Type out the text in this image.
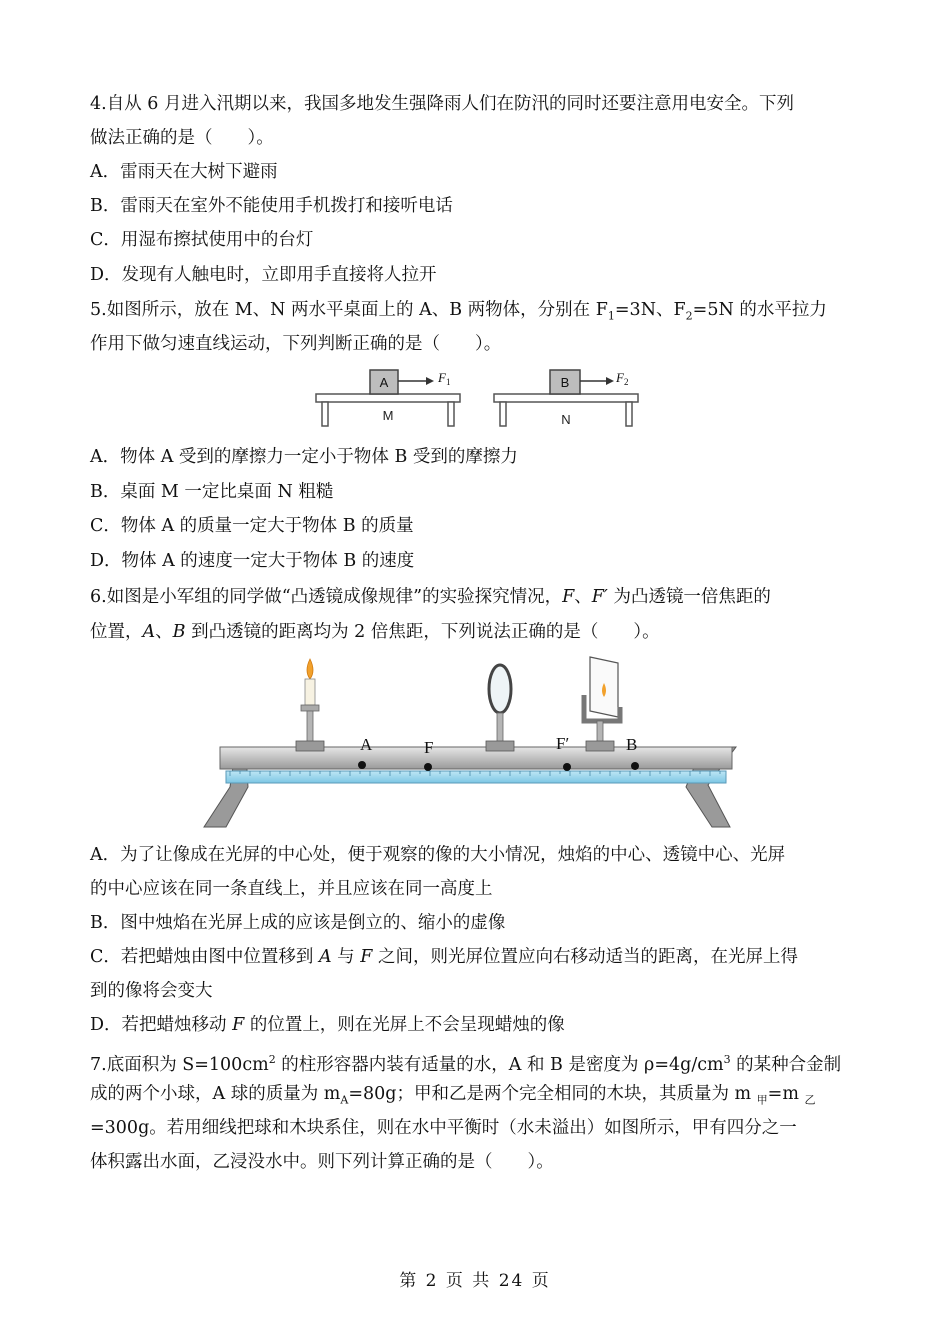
4.自从 6 月进入汛期以来，我国多地发生强降雨人们在防汛的同时还要注意用电安全。下列
做法正确的是（　　）。
A．雷雨天在大树下避雨
B．雷雨天在室外不能使用手机拨打和接听电话
C．用湿布擦拭使用中的台灯
D．发现有人触电时，立即用手直接将人拉开
5.如图所示，放在 M、N 两水平桌面上的 A、B 两物体，分别在 $F_1=3N$、$F_2=5N$ 的水平拉力
作用下做匀速直线运动，下列判断正确的是（　　）。
A	$F_1$
M
B	$F_2$
N
A．物体 A 受到的摩擦力一定小于物体 B 受到的摩擦力
B．桌面 M 一定比桌面 N 粗糙
C．物体 A 的质量一定大于物体 B 的质量
D．物体 A 的速度一定大于物体 B 的速度
6.如图是小军组的同学做“凸透镜成像规律”的实验探究情况，F、F′ 为凸透镜一倍焦距的
位置，A、B 到凸透镜的距离均为 2 倍焦距，下列说法正确的是（　　）。
A	F	F′	B
A．为了让像成在光屏的中心处，便于观察的像的大小情况，烛焰的中心、透镜中心、光屏
的中心应该在同一条直线上，并且应该在同一高度上
B．图中烛焰在光屏上成的应该是倒立的、缩小的虚像
C．若把蜡烛由图中位置移到 A 与 F 之间，则光屏位置应向右移动适当的距离，在光屏上得
到的像将会变大
D．若把蜡烛移动 F 的位置上，则在光屏上不会呈现蜡烛的像
7.底面积为 $S=100cm^2$ 的柱形容器内装有适量的水，A 和 B 是密度为 $\rho=4g/cm^3$ 的某种合金制
成的两个小球，A 球的质量为 $m_A=80g$；甲和乙是两个完全相同的木块，其质量为 m $_甲$=m $_乙$
=300g。若用细线把球和木块系住，则在水中平衡时（水未溢出）如图所示，甲有四分之一
体积露出水面，乙浸没水中。则下列计算正确的是（　　）。
第 2 页 共 24 页
